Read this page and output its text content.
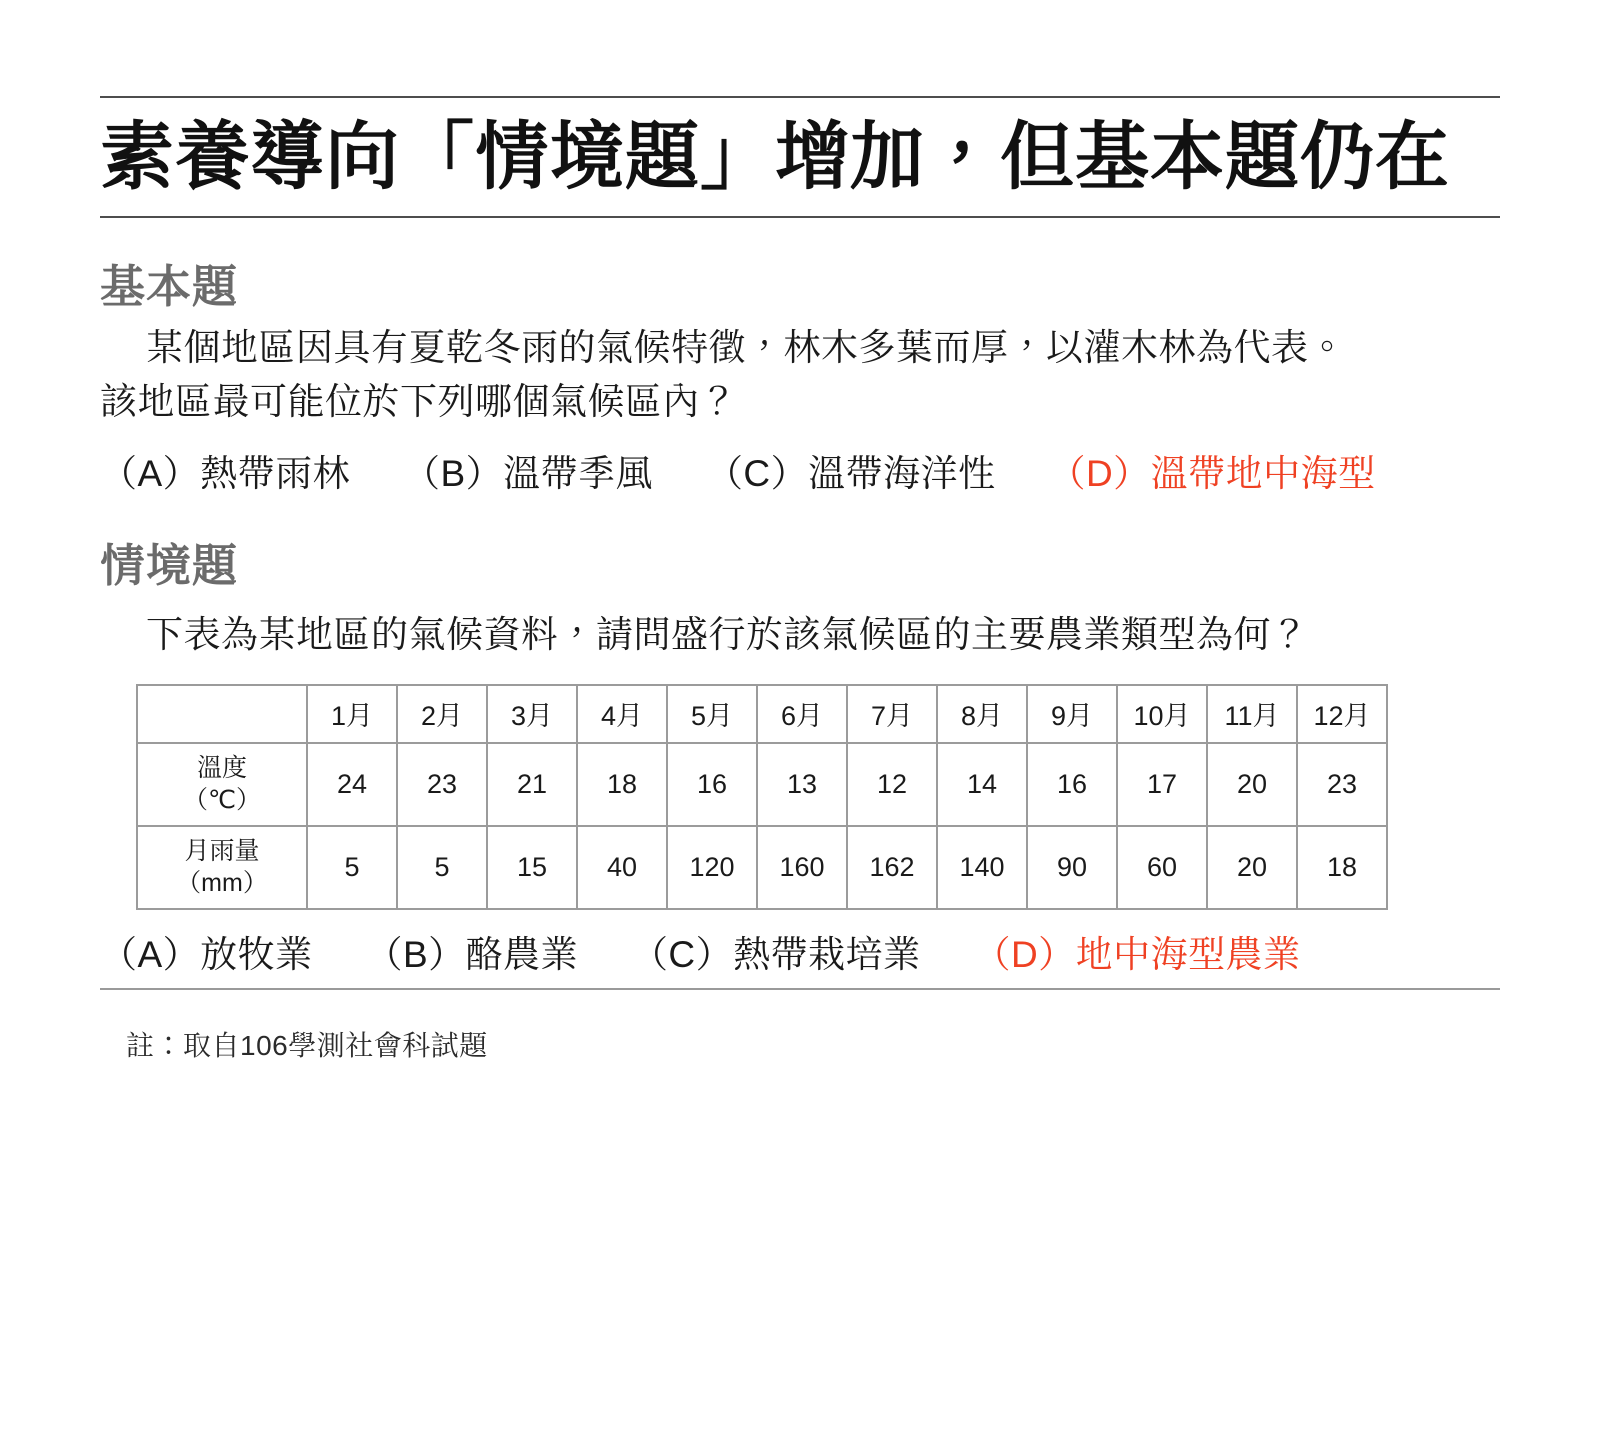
素養導向「情境題」增加，但基本題仍在
基本題
某個地區因具有夏乾冬雨的氣候特徵，林木多葉而厚，以灌木林為代表。
該地區最可能位於下列哪個氣候區內？
（A）熱帶雨林 （B）溫帶季風 （C）溫帶海洋性 （D）溫帶地中海型
情境題
下表為某地區的氣候資料，請問盛行於該氣候區的主要農業類型為何？
	1月	2月	3月	4月	5月	6月	7月	8月	9月	10月	11月	12月

溫度
（℃）	24	23	21	18	16	13	12	14	16	17	20	23

月雨量
（mm）	5	5	15	40	120	160	162	140	90	60	20	18
（A）放牧業 （B）酪農業 （C）熱帶栽培業 （D）地中海型農業
註：取自106學測社會科試題
